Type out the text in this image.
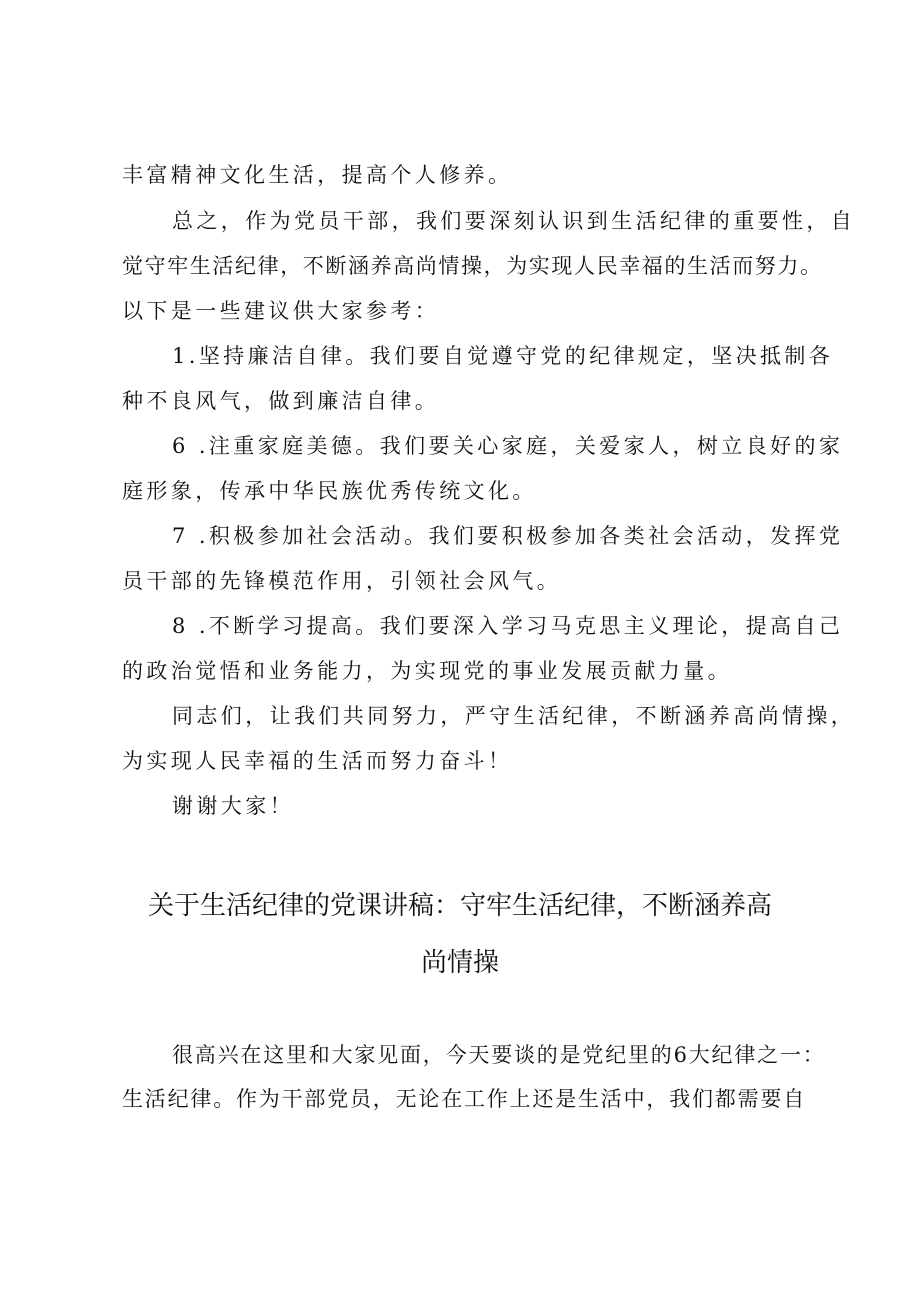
丰富精神文化生活，提高个人修养。
总之，作为党员干部，我们要深刻认识到生活纪律的重要性，自
觉守牢生活纪律，不断涵养高尚情操，为实现人民幸福的生活而努力。
以下是一些建议供大家参考：
1.坚持廉洁自律。我们要自觉遵守党的纪律规定，坚决抵制各
种不良风气，做到廉洁自律。
6 .注重家庭美德。我们要关心家庭，关爱家人，树立良好的家
庭形象，传承中华民族优秀传统文化。
7 .积极参加社会活动。我们要积极参加各类社会活动，发挥党
员干部的先锋模范作用，引领社会风气。
8 .不断学习提高。我们要深入学习马克思主义理论，提高自己
的政治觉悟和业务能力，为实现党的事业发展贡献力量。
同志们，让我们共同努力，严守生活纪律，不断涵养高尚情操，
为实现人民幸福的生活而努力奋斗！
谢谢大家！
关于生活纪律的党课讲稿：守牢生活纪律，不断涵养高
尚情操
很高兴在这里和大家见面，今天要谈的是党纪里的6大纪律之一：
生活纪律。作为干部党员，无论在工作上还是生活中，我们都需要自
